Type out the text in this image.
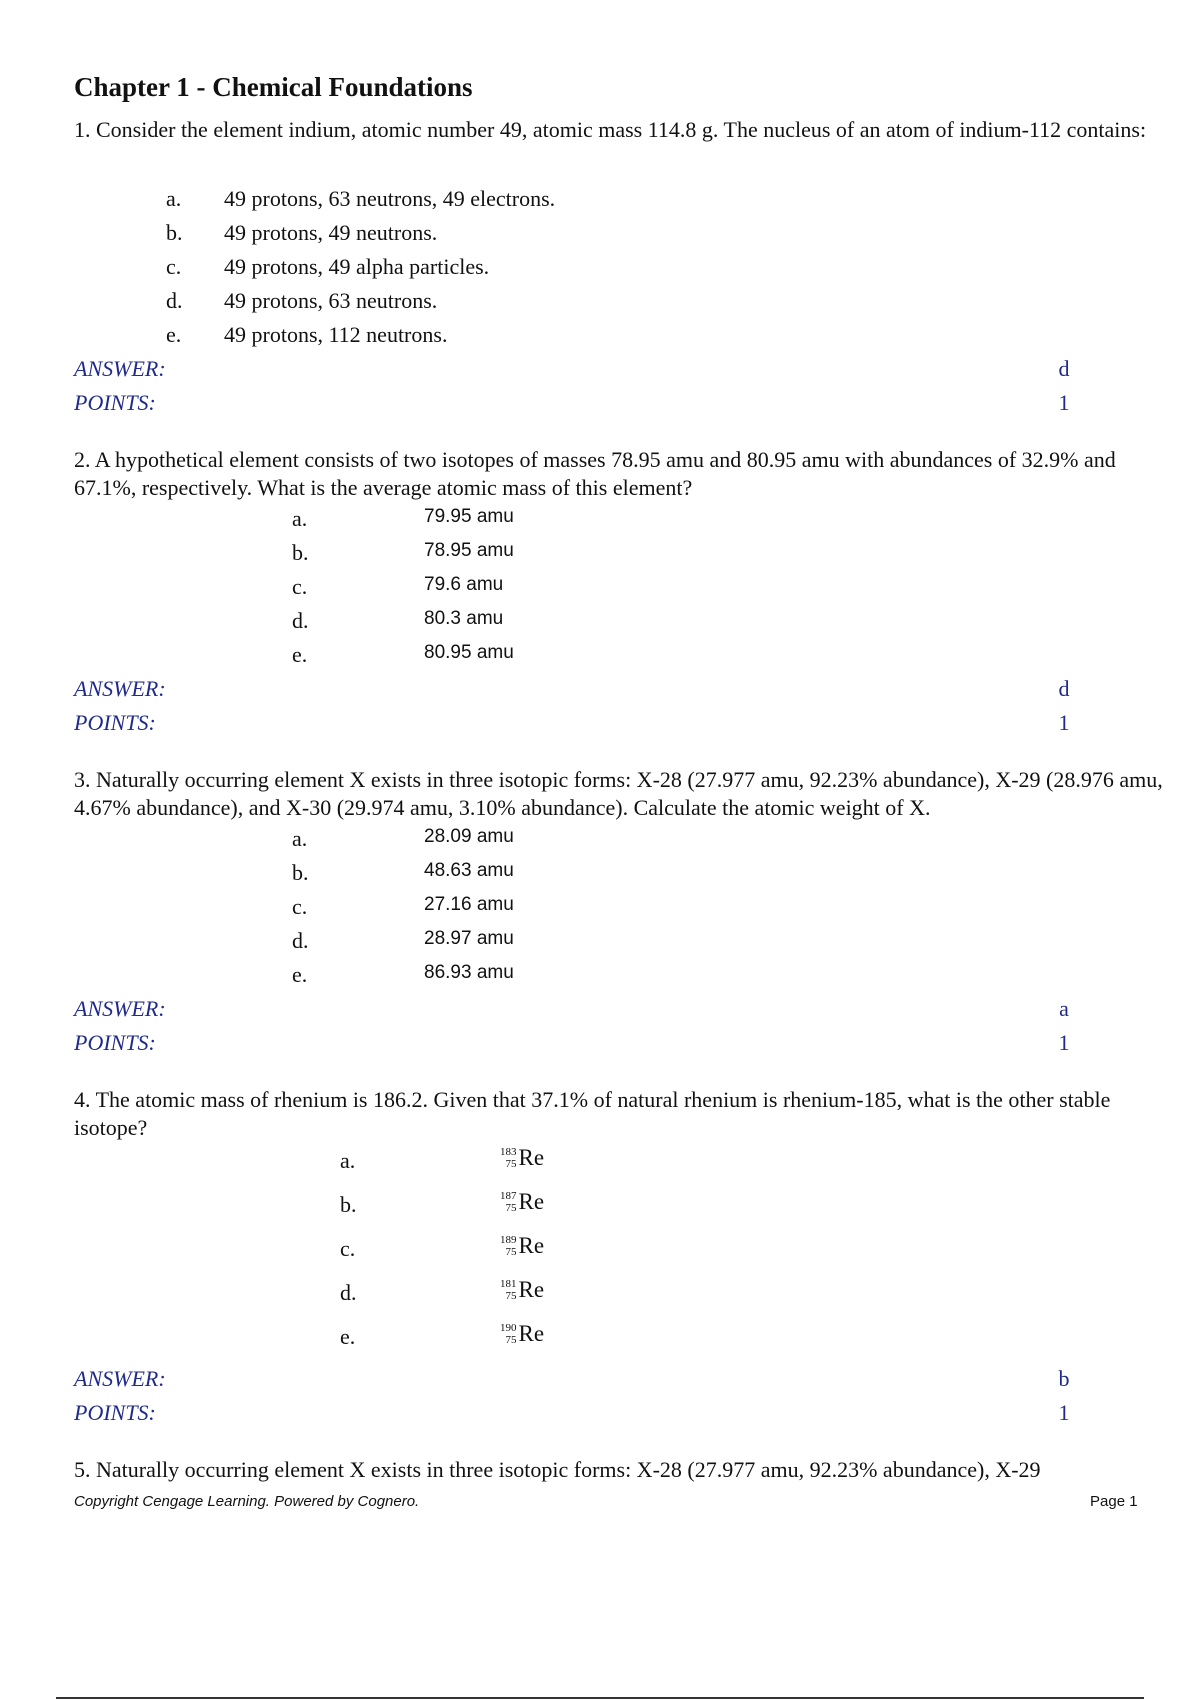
Chapter 1 - Chemical Foundations
1. Consider the element indium, atomic number 49, atomic mass 114.8 g. The nucleus of an atom of indium-112 contains:
a. 49 protons, 63 neutrons, 49 electrons.
b. 49 protons, 49 neutrons.
c. 49 protons, 49 alpha particles.
d. 49 protons, 63 neutrons.
e. 49 protons, 112 neutrons.
ANSWER:	d
POINTS:	1
2. A hypothetical element consists of two isotopes of masses 78.95 amu and 80.95 amu with abundances of 32.9% and 67.1%, respectively. What is the average atomic mass of this element?
a.	79.95 amu
b.	78.95 amu
c.	79.6 amu
d.	80.3 amu
e.	80.95 amu
ANSWER:	d
POINTS:	1
3. Naturally occurring element X exists in three isotopic forms: X-28 (27.977 amu, 92.23% abundance), X-29 (28.976 amu, 4.67% abundance), and X-30 (29.974 amu, 3.10% abundance). Calculate the atomic weight of X.
a.	28.09 amu
b.	48.63 amu
c.	27.16 amu
d.	28.97 amu
e.	86.93 amu
ANSWER:	a
POINTS:	1
4. The atomic mass of rhenium is 186.2. Given that 37.1% of natural rhenium is rhenium-185, what is the other stable isotope?
a.	183
75 Re
b.	187
75 Re
c.	189
75 Re
d.	181
75 Re
e.	190
75 Re
ANSWER:	b
POINTS:	1
5. Naturally occurring element X exists in three isotopic forms: X-28 (27.977 amu, 92.23% abundance), X-29
Copyright Cengage Learning. Powered by Cognero.	Page 1
